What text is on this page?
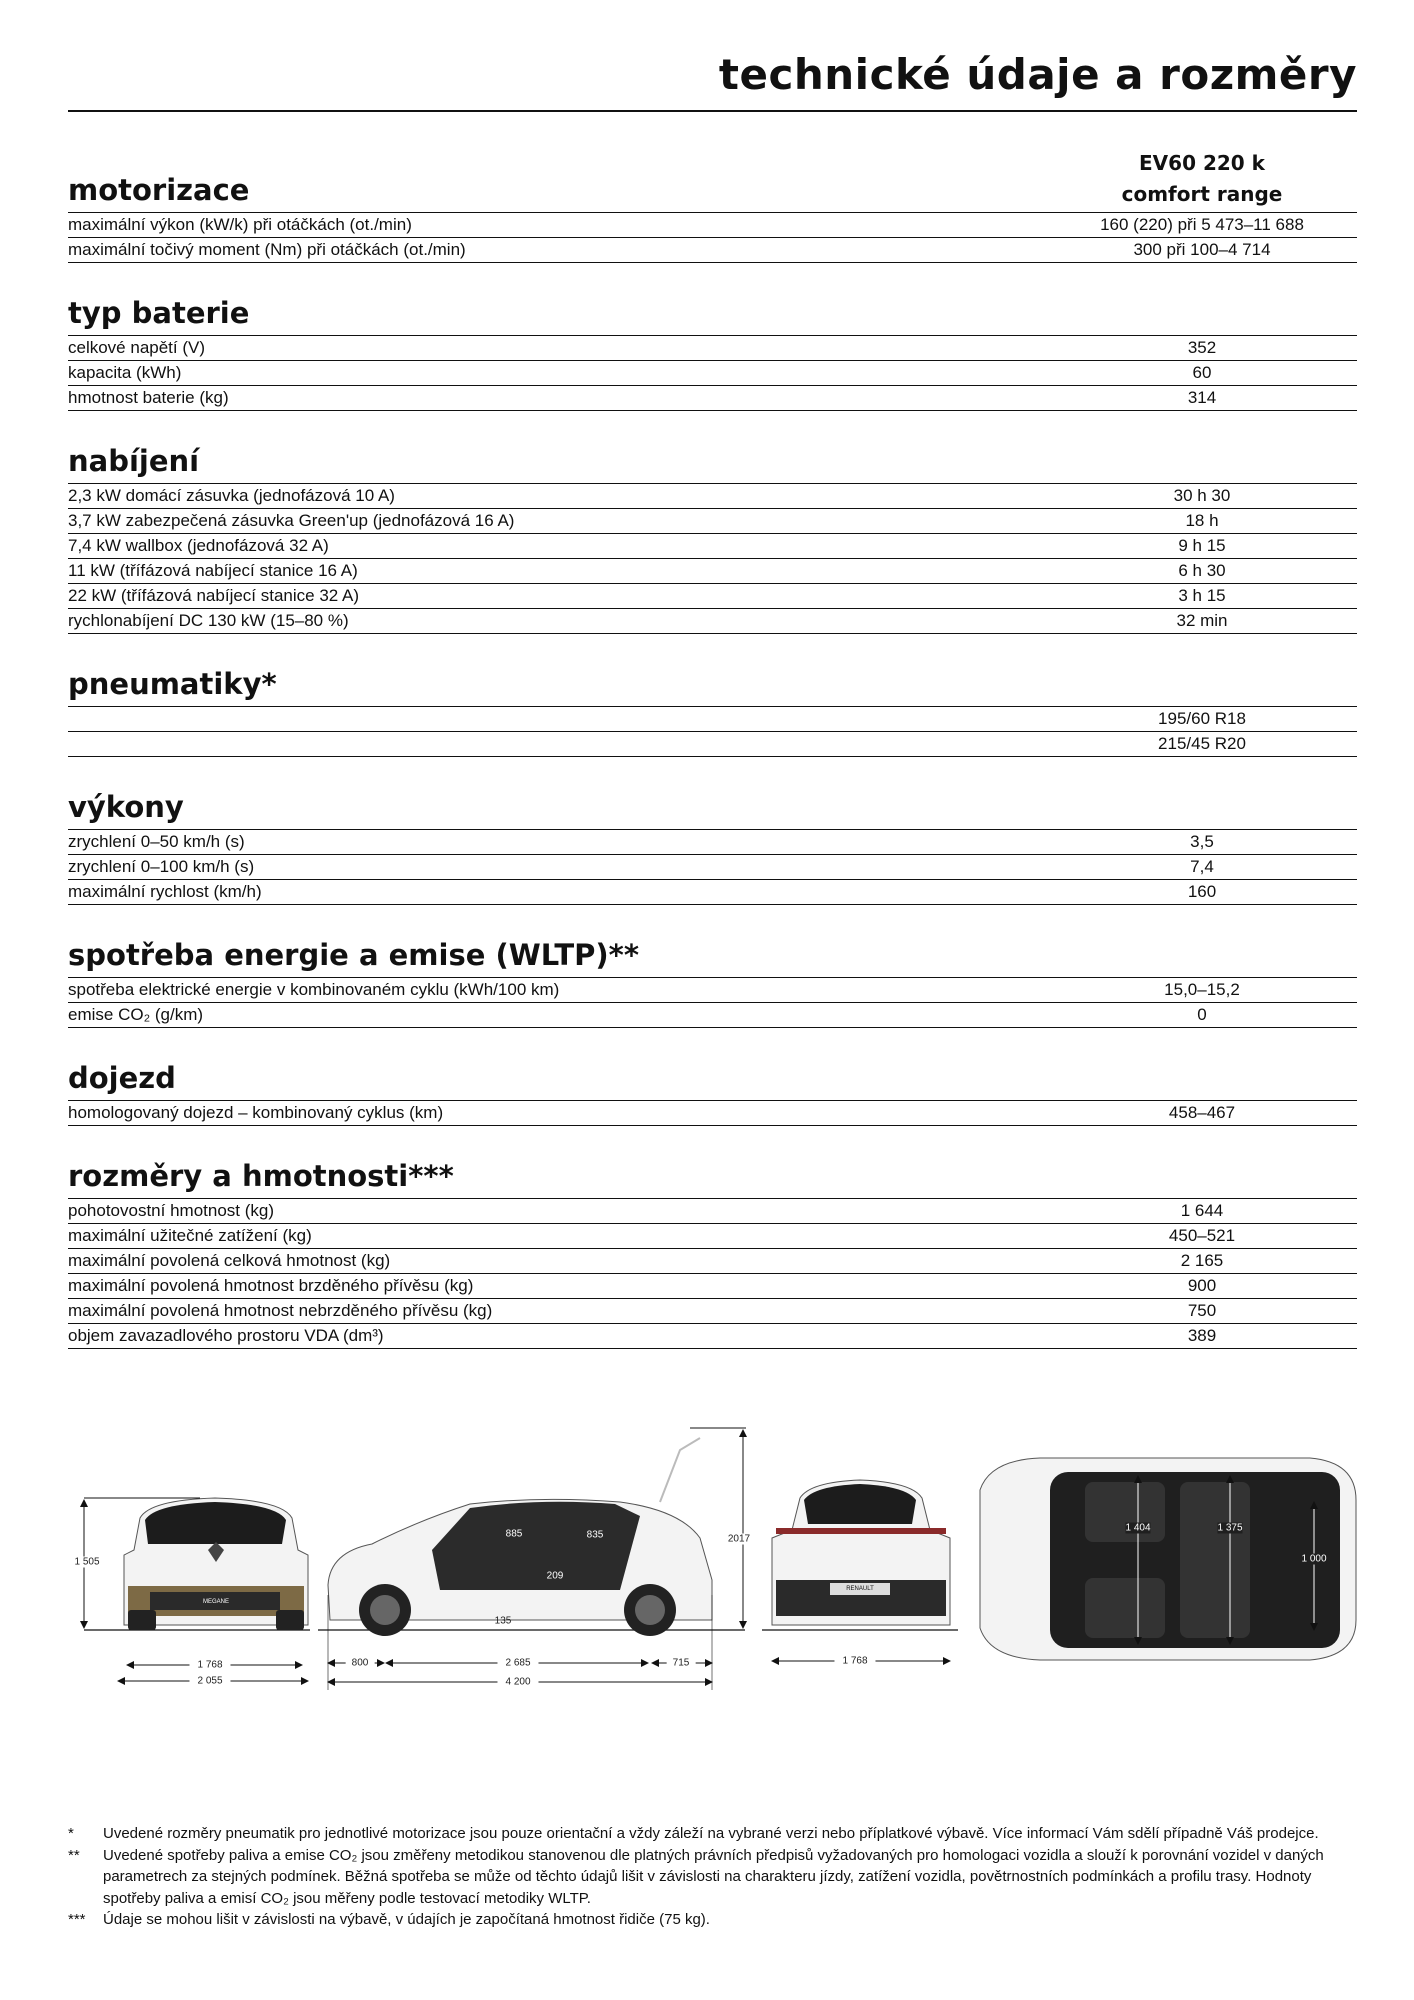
technické údaje a rozměry
EV60 220 k
comfort range
motorizace
maximální výkon (kW/k) při otáčkách (ot./min)	160 (220) při 5 473–11 688
maximální točivý moment (Nm) při otáčkách (ot./min)	300 při 100–4 714
typ baterie
celkové napětí (V)	352
kapacita (kWh)	60
hmotnost baterie (kg)	314
nabíjení
2,3 kW domácí zásuvka (jednofázová 10 A)	30 h 30
3,7 kW zabezpečená zásuvka Green'up (jednofázová 16 A)	18 h
7,4 kW wallbox (jednofázová 32 A)	9 h 15
11 kW (třífázová nabíjecí stanice 16 A)	6 h 30
22 kW (třífázová nabíjecí stanice 32 A)	3 h 15
rychlonabíjení DC 130 kW (15–80 %)	32 min
pneumatiky*
195/60 R18
215/45 R20
výkony
zrychlení 0–50 km/h (s)	3,5
zrychlení 0–100 km/h (s)	7,4
maximální rychlost (km/h)	160
spotřeba energie a emise (WLTP)**
spotřeba elektrické energie v kombinovaném cyklu (kWh/100 km)	15,0–15,2
emise CO₂ (g/km)	0
dojezd
homologovaný dojezd – kombinovaný cyklus (km)	458–467
rozměry a hmotnosti***
pohotovostní hmotnost (kg)	1 644
maximální užitečné zatížení (kg)	450–521
maximální povolená celková hmotnost (kg)	2 165
maximální povolená hmotnost brzděného přívěsu (kg)	900
maximální povolená hmotnost nebrzděného přívěsu (kg)	750
objem zavazadlového prostoru VDA (dm³)	389
1 505
MEGANE
1 768
2 055
2017
800	2 685	715
4 200
885	835
209
135
RENAULT
1 768
1 404	1 375
1 000
*	Uvedené rozměry pneumatik pro jednotlivé motorizace jsou pouze orientační a vždy záleží na vybrané verzi nebo příplatkové výbavě. Více informací Vám sdělí případně Váš prodejce.
**	Uvedené spotřeby paliva a emise CO₂ jsou změřeny metodikou stanovenou dle platných právních předpisů vyžadovaných pro homologaci vozidla a slouží k porovnání vozidel v daných parametrech za stejných podmínek. Běžná spotřeba se může od těchto údajů lišit v závislosti na charakteru jízdy, zatížení vozidla, povětrnostních podmínkách a profilu trasy. Hodnoty spotřeby paliva a emisí CO₂ jsou měřeny podle testovací metodiky WLTP.
***	Údaje se mohou lišit v závislosti na výbavě, v údajích je započítaná hmotnost řidiče (75 kg).
